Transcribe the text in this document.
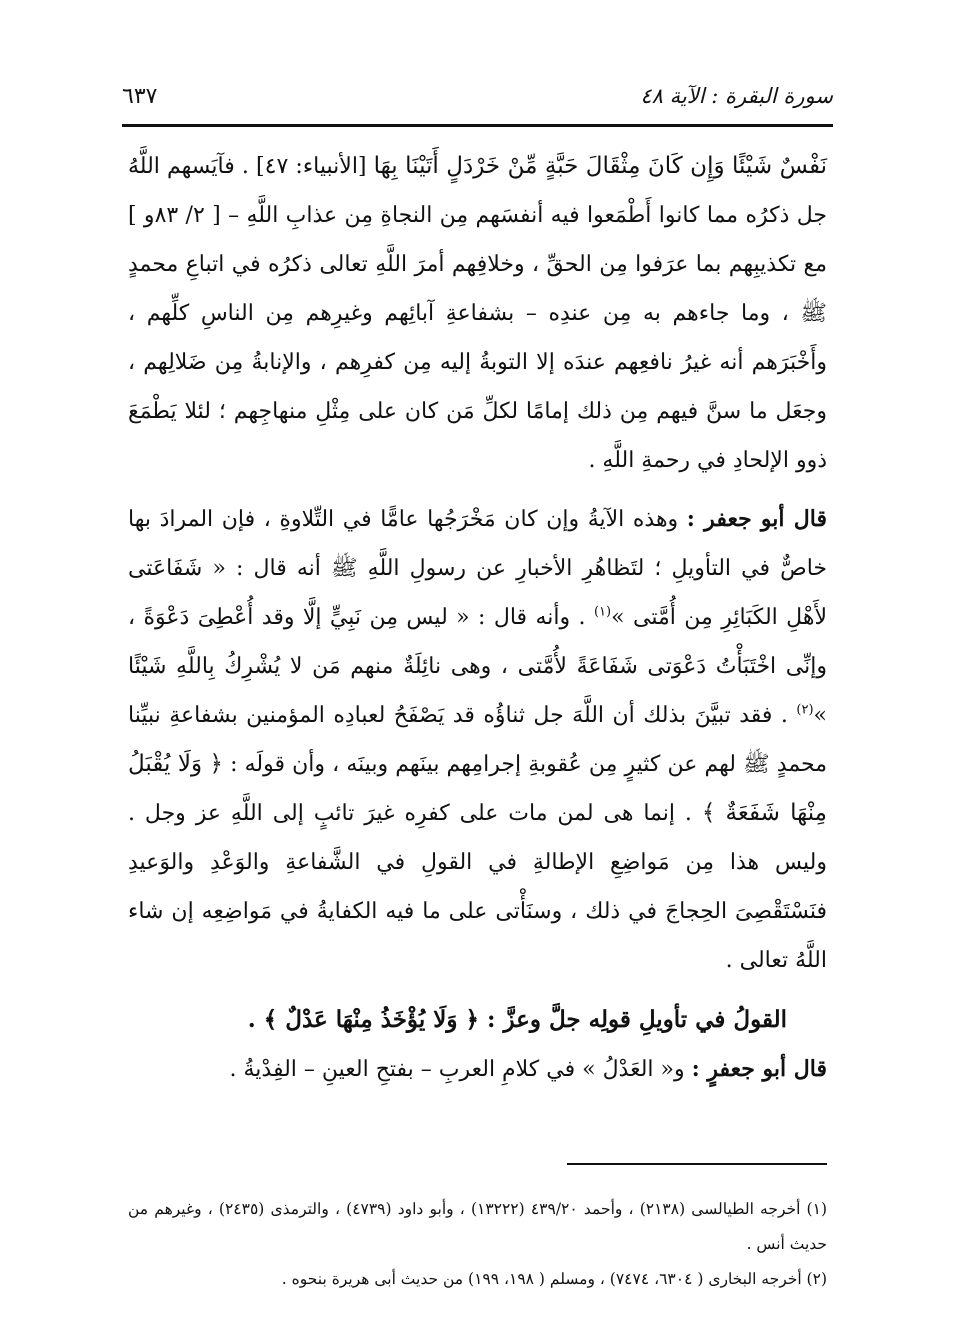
٦٣٧	سورة البقرة : الآية ٤٨

نَفْسٌ شَيْئًا وَإِن كَانَ مِثْقَالَ حَبَّةٍ مِّنْ خَرْدَلٍ أَتَيْنَا بِهَا [الأنبياء: ٤٧] . فآيَسهم اللَّهُ جل ذكرُه مما كانوا أَطْمَعوا فيه أنفسَهم مِن النجاةِ مِن عذابِ اللَّهِ – [ ٢/ ٨٣و ] مع تكذيبِهم بما عرَفوا مِن الحقِّ ، وخلافِهم أمرَ اللَّهِ تعالى ذكرُه في اتباعِ محمدٍ ﷺ ، وما جاءهم به مِن عندِه – بشفاعةِ آبائِهم وغيرِهم مِن الناسِ كلِّهم ، وأَخْبَرَهم أنه غيرُ نافعِهم عندَه إلا التوبةُ إليه مِن كفرِهم ، والإنابةُ مِن ضَلالِهم ، وجعَل ما سنَّ فيهم مِن ذلك إمامًا لكلِّ مَن كان على مِثْلِ منهاجِهم ؛ لئلا يَطْمَعَ ذوو الإلحادِ في رحمةِ اللَّهِ .

قال أبو جعفر : وهذه الآيةُ وإن كان مَخْرَجُها عامًّا في التِّلاوةِ ، فإن المرادَ بها خاصٌّ في التأويلِ ؛ لتَظاهُرِ الأخبارِ عن رسولِ اللَّهِ ﷺ أنه قال : « شَفَاعَتى لأَهْلِ الكَبَائِرِ مِن أُمَّتى »$^{(١)}$ . وأنه قال : « ليس مِن نَبِيٍّ إلَّا وقد أُعْطِىَ دَعْوَةً ، وإنِّى اخْتَبَأْتُ دَعْوَتى شَفَاعَةً لأُمَّتى ، وهى نائِلَةٌ منهم مَن لا يُشْرِكُ بِاللَّهِ شَيْئًا »$^{(٢)}$ . فقد تبيَّنَ بذلك أن اللَّهَ جل ثناؤُه قد يَصْفَحُ لعبادِه المؤمنين بشفاعةِ نبيِّنا محمدٍ ﷺ لهم عن كثيرٍ مِن عُقوبةِ إجرامِهم بينَهم وبينَه ، وأن قولَه : ﴿ وَلَا يُقْبَلُ مِنْهَا شَفَعَةٌ ﴾ . إنما هى لمن مات على كفرِه غيرَ تائبٍ إلى اللَّهِ عز وجل . وليس هذا مِن مَواضِعِ الإطالةِ في القولِ في الشَّفاعةِ والوَعْدِ والوَعيدِ فنَسْتَقْصِىَ الحِجاجَ في ذلك ، وسنَأْتى على ما فيه الكفايةُ في مَواضِعِه إن شاء اللَّهُ تعالى .

القولُ في تأويلِ قولِه جلَّ وعزَّ : ﴿ وَلَا يُؤْخَذُ مِنْهَا عَدْلٌ ﴾ .

قال أبو جعفرٍ : و« العَدْلُ » في كلامِ العربِ – بفتحِ العينِ – الفِدْيةُ .

(١) أخرجه الطيالسى (٢١٣٨) ، وأحمد ٤٣٩/٢٠ (١٣٢٢٢) ، وأبو داود (٤٧٣٩) ، والترمذى (٢٤٣٥) ، وغيرهم من حديث أنس .

(٢) أخرجه البخارى ( ٦٣٠٤، ٧٤٧٤) ، ومسلم ( ١٩٨، ١٩٩) من حديث أبى هريرة بنحوه .
